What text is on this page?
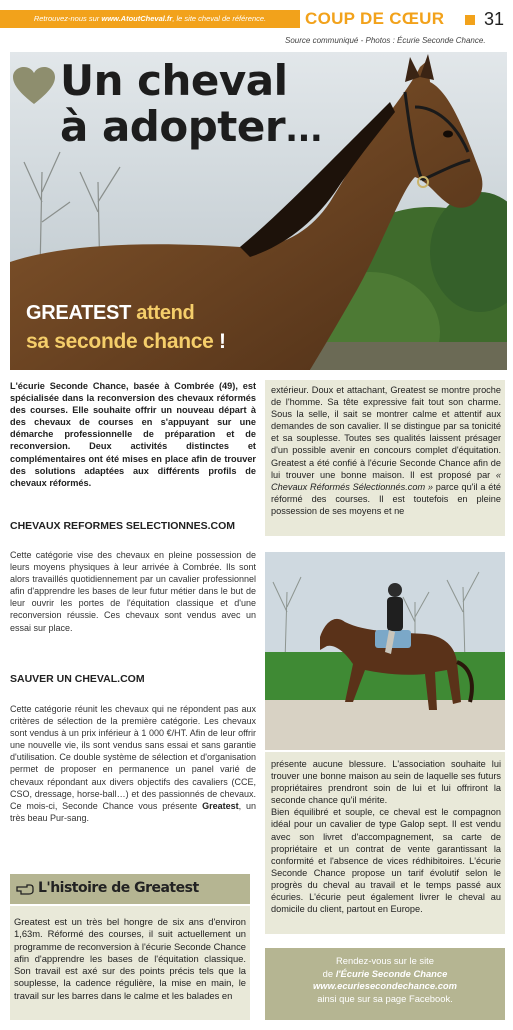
Retrouvez-nous sur www.AtoutCheval.fr, le site cheval de référence.	COUP DE CŒUR 31
Source communiqué - Photos : Écurie Seconde Chance.
Un cheval
à adopter...
GREATEST attend
sa seconde chance !
L'écurie Seconde Chance, basée à Combrée (49), est spécialisée dans la reconversion des chevaux réformés des courses. Elle souhaite offrir un nouveau départ à des chevaux de courses en s'appuyant sur une démarche professionnelle de préparation et de reconversion. Deux activités distinctes et complémentaires ont été mises en place afin de trouver des solutions adaptées aux différents profils de chevaux réformés.
CHEVAUX REFORMES SELECTIONNES.COM
Cette catégorie vise des chevaux en pleine possession de leurs moyens physiques à leur arrivée à Combrée. Ils sont alors travaillés quotidiennement par un cavalier professionnel afin d'apprendre les bases de leur futur métier dans le but de leur ouvrir les portes de l'équitation classique et d'une reconversion réussie. Ces chevaux sont vendus avec un essai sur place.
SAUVER UN CHEVAL.COM
Cette catégorie réunit les chevaux qui ne répondent pas aux critères de sélection de la première catégorie. Les chevaux sont vendus à un prix inférieur à 1 000 €/HT. Afin de leur offrir une nouvelle vie, ils sont vendus sans essai et sans garantie d'utilisation. Ce double système de sélection et d'organisation permet de proposer en permanence un panel varié de chevaux répondant aux divers objectifs des cavaliers (CCE, CSO, dressage, horse-ball…) et des passionnés de chevaux. Ce mois-ci, Seconde Chance vous présente Greatest, un très beau Pur-sang.
L'histoire de Greatest
Greatest est un très bel hongre de six ans d'environ 1,63m. Réformé des courses, il suit actuellement un programme de reconversion à l'écurie Seconde Chance afin d'apprendre les bases de l'équitation classique. Son travail est axé sur des points précis tels que la souplesse, la cadence régulière, la mise en main, le travail sur les barres dans le calme et les balades en
extérieur. Doux et attachant, Greatest se montre proche de l'homme. Sa tête expressive fait tout son charme. Sous la selle, il sait se montrer calme et attentif aux demandes de son cavalier. Il se distingue par sa tonicité et sa souplesse. Toutes ses qualités laissent présager d'un possible avenir en concours complet d'équitation. Greatest a été confié à l'écurie Seconde Chance afin de lui trouver une bonne maison. Il est proposé par « Chevaux Réformés Sélectionnés.com » parce qu'il a été réformé des courses. Il est toutefois en pleine possession de ses moyens et ne
présente aucune blessure. L'association souhaite lui trouver une bonne maison au sein de laquelle ses futurs propriétaires prendront soin de lui et lui offriront la seconde chance qu'il mérite.
Bien équilibré et souple, ce cheval est le compagnon idéal pour un cavalier de type Galop sept. Il est vendu avec son livret d'accompagnement, sa carte de propriétaire et un contrat de vente garantissant la conformité et l'absence de vices rédhibitoires. L'écurie Seconde Chance propose un tarif évolutif selon le progrès du cheval au travail et le temps passé aux écuries. L'écurie peut également livrer le cheval au domicile du client, partout en Europe.
Rendez-vous sur le site
de l'Écurie Seconde Chance
www.ecuriesecondechance.com
ainsi que sur sa page Facebook.
